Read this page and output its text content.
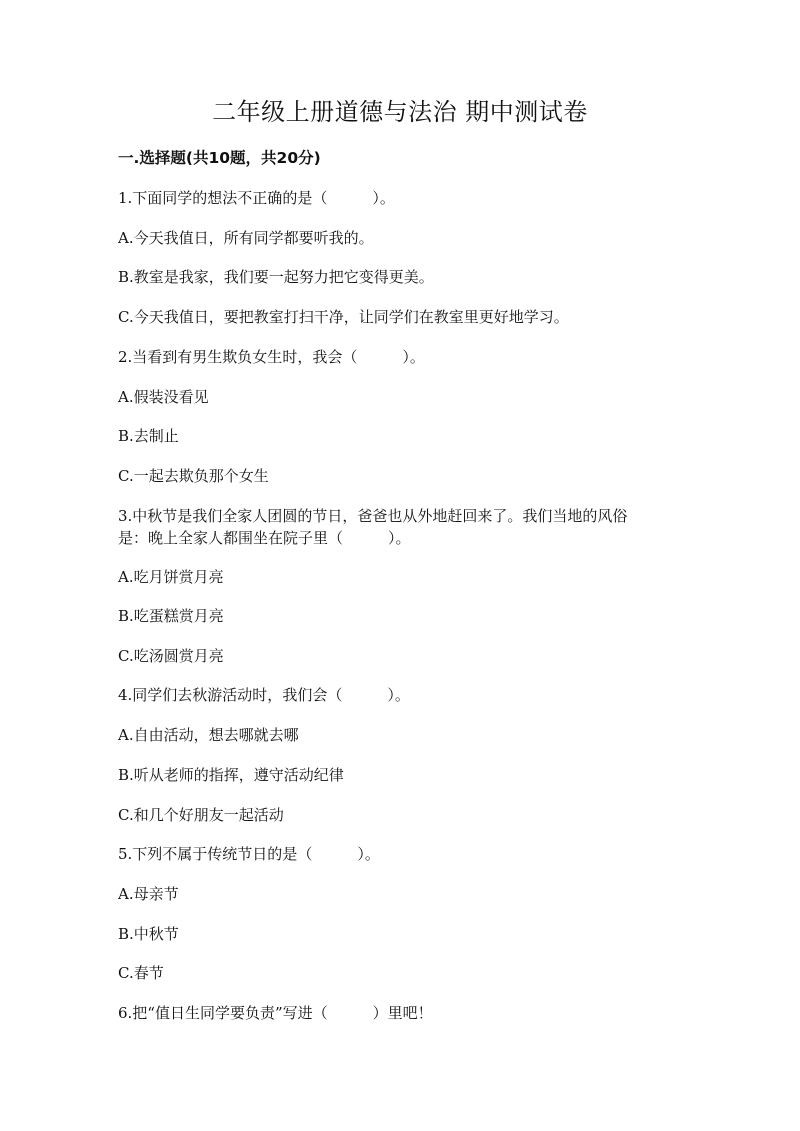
二年级上册道德与法治 期中测试卷
一.选择题(共10题，共20分)
1.下面同学的想法不正确的是（　　　）。
A.今天我值日，所有同学都要听我的。
B.教室是我家，我们要一起努力把它变得更美。
C.今天我值日，要把教室打扫干净，让同学们在教室里更好地学习。
2.当看到有男生欺负女生时，我会（　　　）。
A.假装没看见
B.去制止
C.一起去欺负那个女生
3.中秋节是我们全家人团圆的节日，爸爸也从外地赶回来了。我们当地的风俗
是：晚上全家人都围坐在院子里（　　　）。
A.吃月饼赏月亮
B.吃蛋糕赏月亮
C.吃汤圆赏月亮
4.同学们去秋游活动时，我们会（　　　）。
A.自由活动，想去哪就去哪
B.听从老师的指挥，遵守活动纪律
C.和几个好朋友一起活动
5.下列不属于传统节日的是（　　　）。
A.母亲节
B.中秋节
C.春节
6.把“值日生同学要负责”写进（　　　）里吧！
